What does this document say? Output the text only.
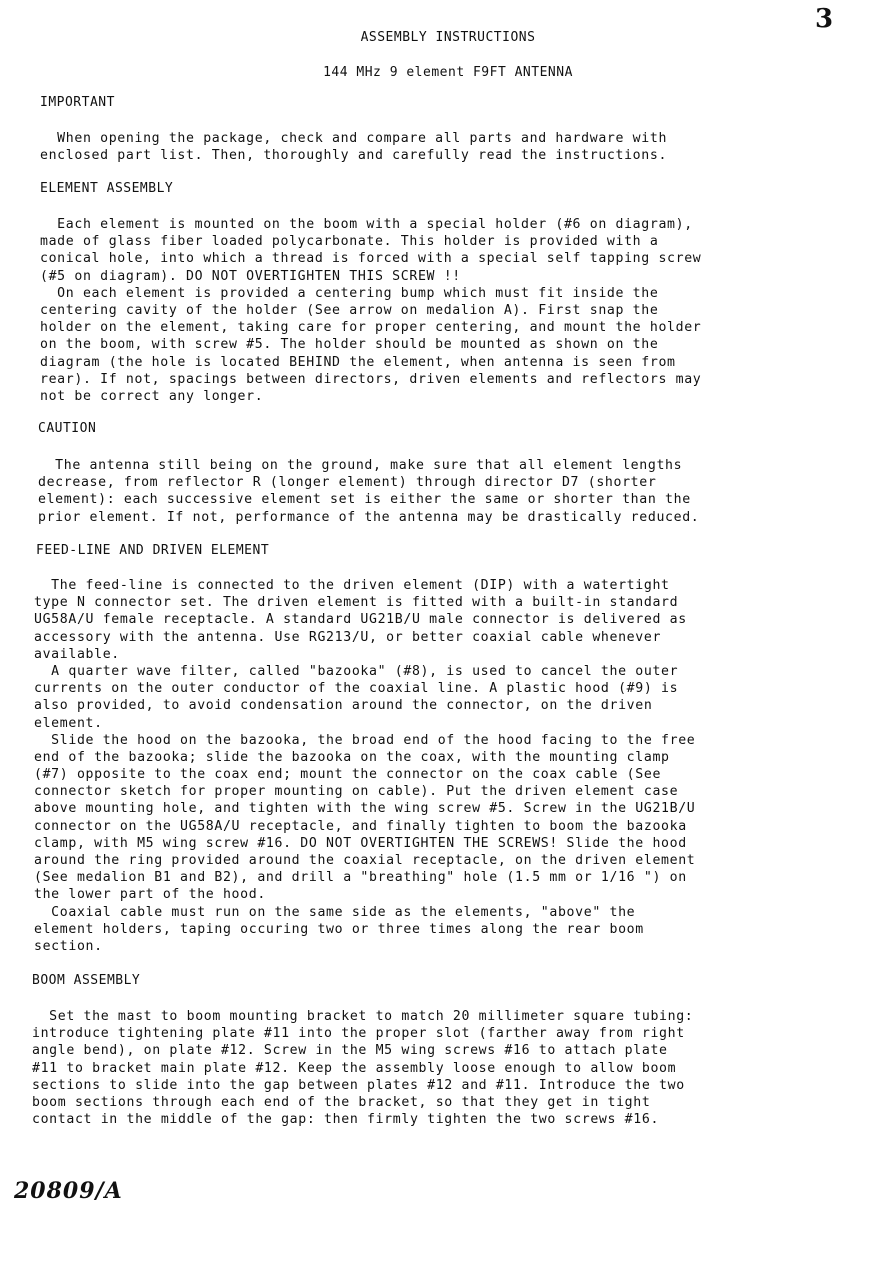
3
ASSEMBLY INSTRUCTIONS
144 MHz 9 element F9FT ANTENNA
IMPORTANT
When opening the package, check and compare all parts and hardware with
enclosed part list. Then, thoroughly and carefully read the instructions.
ELEMENT ASSEMBLY
Each element is mounted on the boom with a special holder (#6 on diagram),
made of glass fiber loaded polycarbonate. This holder is provided with a
conical hole, into which a thread is forced with a special self tapping screw
(#5 on diagram). DO NOT OVERTIGHTEN THIS SCREW !!
On each element is provided a centering bump which must fit inside the
centering cavity of the holder (See arrow on medalion A). First snap the
holder on the element, taking care for proper centering, and mount the holder
on the boom, with screw #5. The holder should be mounted as shown on the
diagram (the hole is located BEHIND the element, when antenna is seen from
rear). If not, spacings between directors, driven elements and reflectors may
not be correct any longer.
CAUTION
The antenna still being on the ground, make sure that all element lengths
decrease, from reflector R (longer element) through director D7 (shorter
element): each successive element set is either the same or shorter than the
prior element. If not, performance of the antenna may be drastically reduced.
FEED-LINE AND DRIVEN ELEMENT
The feed-line is connected to the driven element (DIP) with a watertight
type N connector set. The driven element is fitted with a built-in standard
UG58A/U female receptacle. A standard UG21B/U male connector is delivered as
accessory with the antenna. Use RG213/U, or better coaxial cable whenever
available.
A quarter wave filter, called "bazooka" (#8), is used to cancel the outer
currents on the outer conductor of the coaxial line. A plastic hood (#9) is
also provided, to avoid condensation around the connector, on the driven
element.
Slide the hood on the bazooka, the broad end of the hood facing to the free
end of the bazooka; slide the bazooka on the coax, with the mounting clamp
(#7) opposite to the coax end; mount the connector on the coax cable (See
connector sketch for proper mounting on cable). Put the driven element case
above mounting hole, and tighten with the wing screw #5. Screw in the UG21B/U
connector on the UG58A/U receptacle, and finally tighten to boom the bazooka
clamp, with M5 wing screw #16. DO NOT OVERTIGHTEN THE SCREWS! Slide the hood
around the ring provided around the coaxial receptacle, on the driven element
(See medalion B1 and B2), and drill a "breathing" hole (1.5 mm or 1/16 ") on
the lower part of the hood.
Coaxial cable must run on the same side as the elements, "above" the
element holders, taping occuring two or three times along the rear boom
section.
BOOM ASSEMBLY
Set the mast to boom mounting bracket to match 20 millimeter square tubing:
introduce tightening plate #11 into the proper slot (farther away from right
angle bend), on plate #12. Screw in the M5 wing screws #16 to attach plate
#11 to bracket main plate #12. Keep the assembly loose enough to allow boom
sections to slide into the gap between plates #12 and #11. Introduce the two
boom sections through each end of the bracket, so that they get in tight
contact in the middle of the gap: then firmly tighten the two screws #16.
20809/A
